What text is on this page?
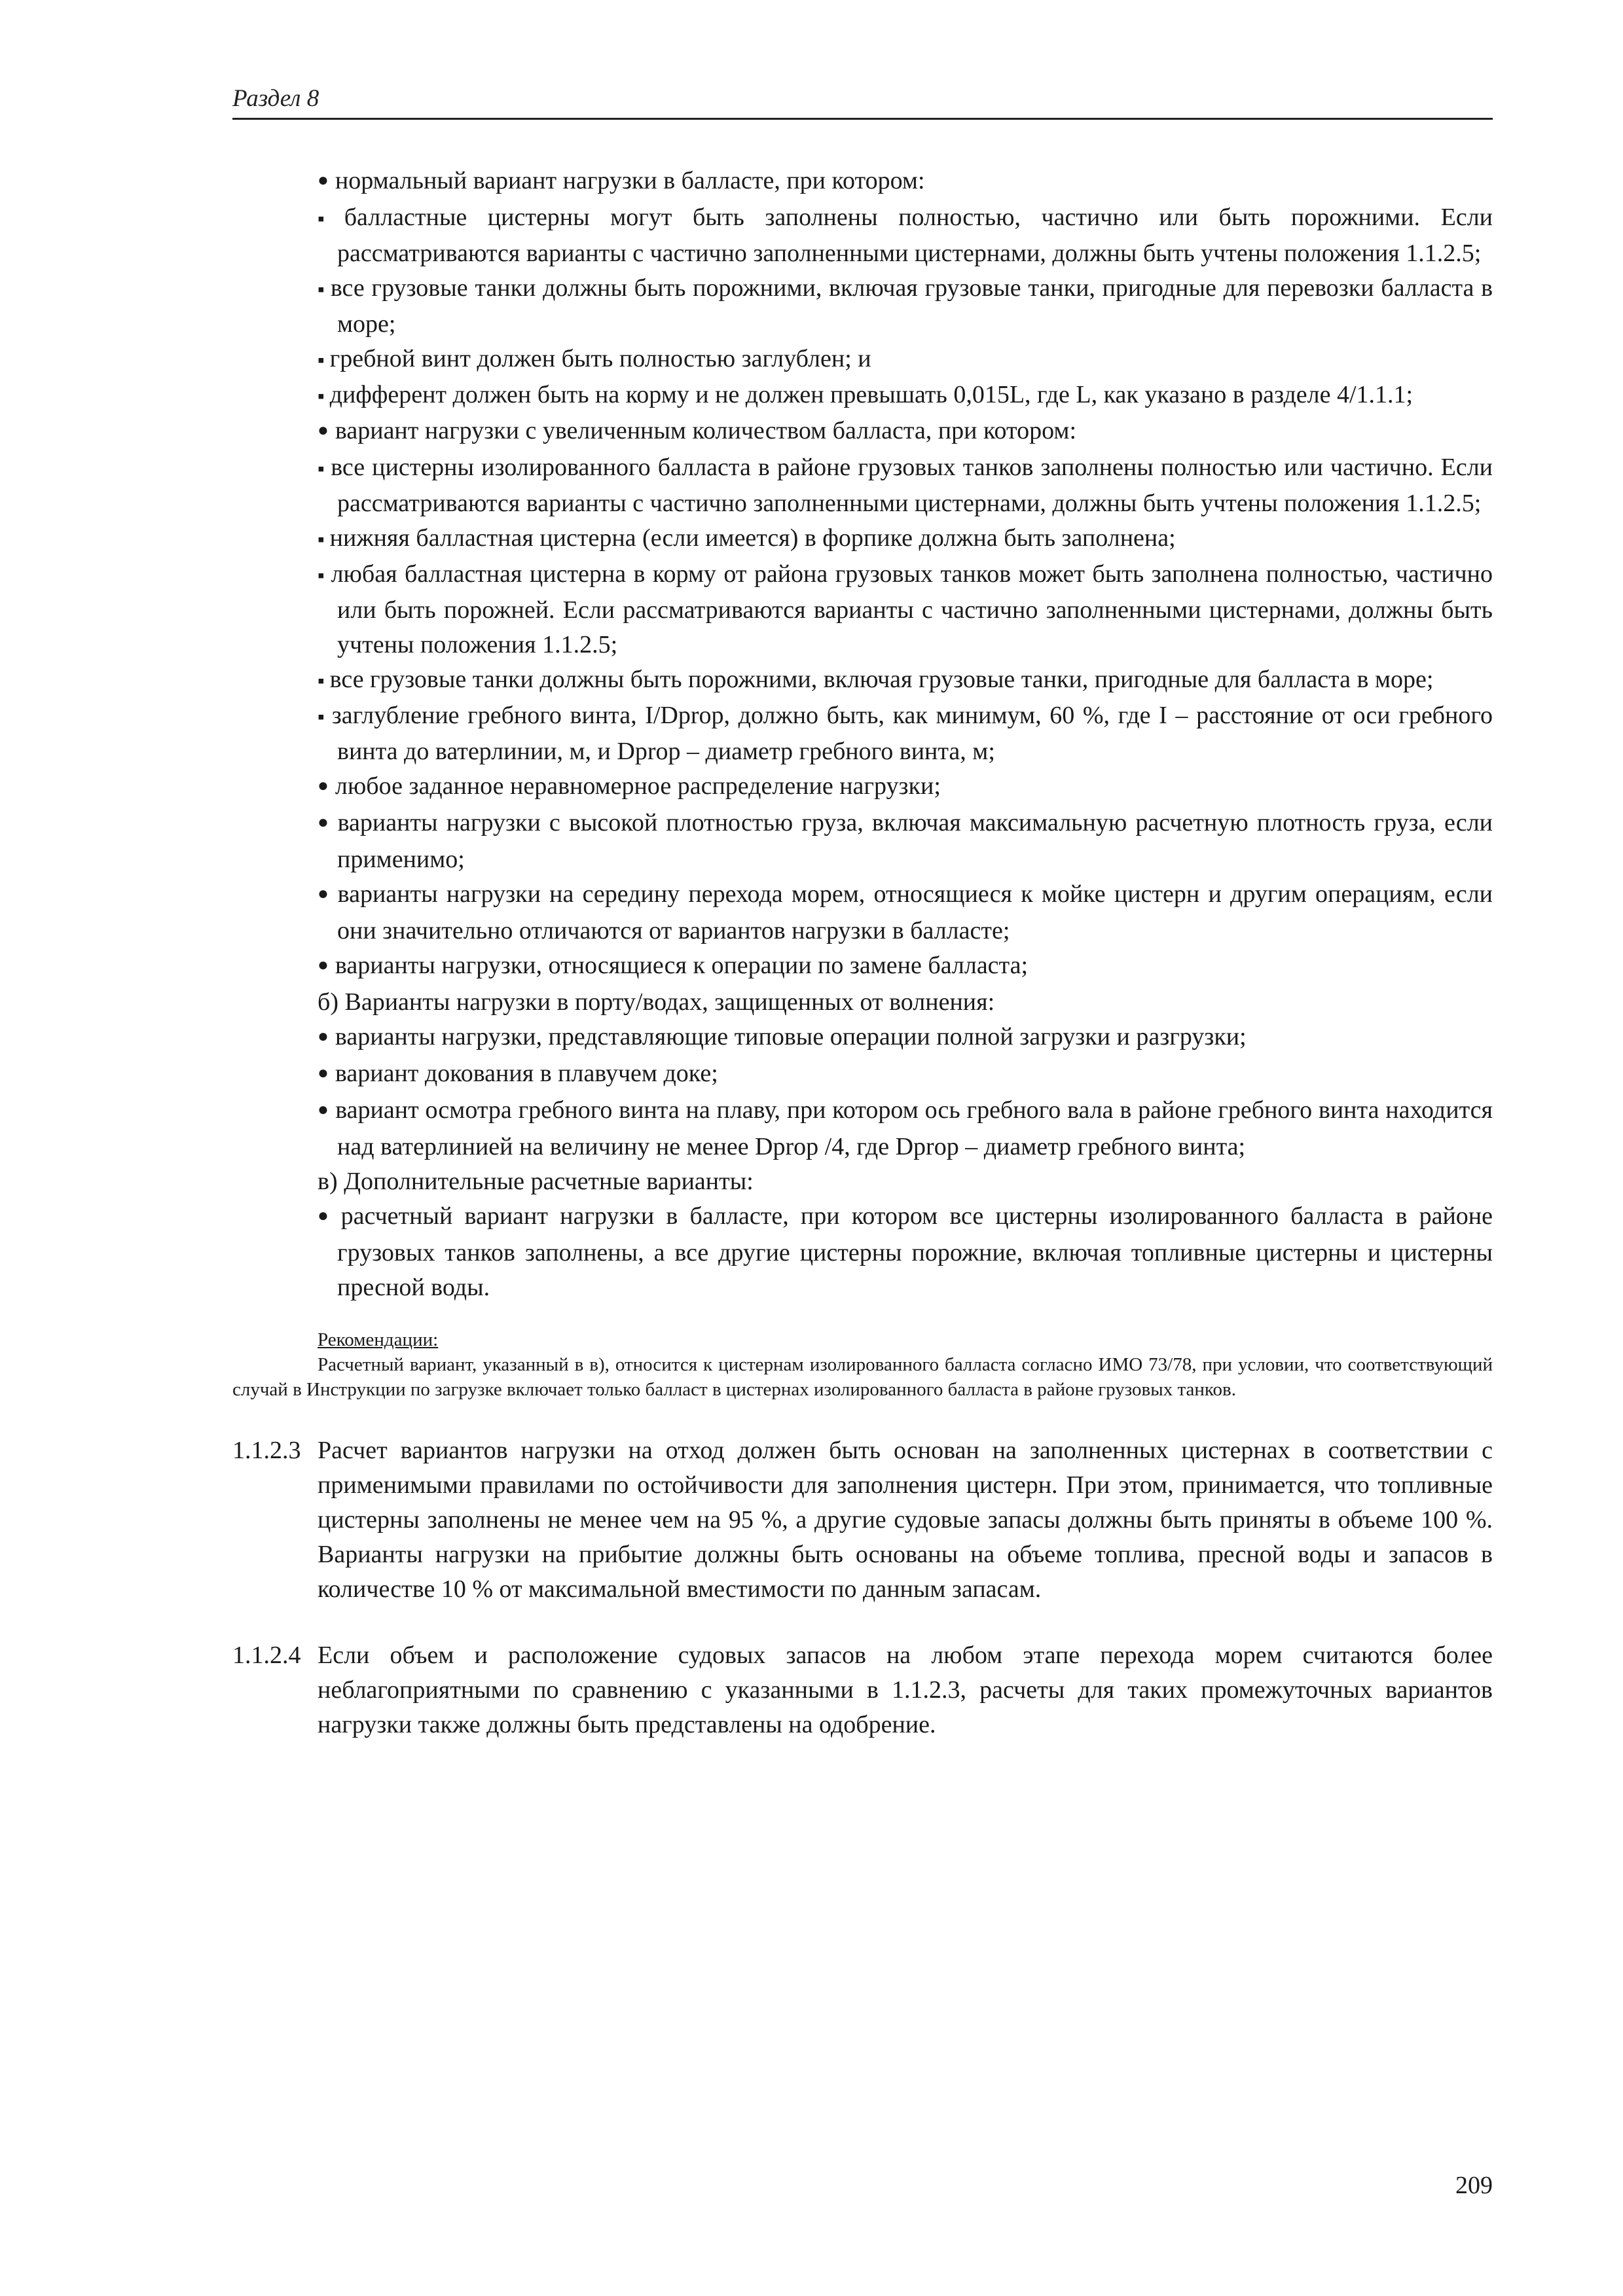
Раздел 8
● нормальный вариант нагрузки в балласте, при котором:
▪ балластные цистерны могут быть заполнены полностью, частично или быть порожними. Если рассматриваются варианты с частично заполненными цистернами, должны быть учтены положения 1.1.2.5;
▪ все грузовые танки должны быть порожними, включая грузовые танки, пригодные для перевозки балласта в море;
▪ гребной винт должен быть полностью заглублен; и
▪ дифферент должен быть на корму и не должен превышать 0,015L, где L, как указано в разделе 4/1.1.1;
● вариант нагрузки с увеличенным количеством балласта, при котором:
▪ все цистерны изолированного балласта в районе грузовых танков заполнены полностью или частично. Если рассматриваются варианты с частично заполненными цистернами, должны быть учтены положения 1.1.2.5;
▪ нижняя балластная цистерна (если имеется) в форпике должна быть заполнена;
▪ любая балластная цистерна в корму от района грузовых танков может быть заполнена полностью, частично или быть порожней. Если рассматриваются варианты с частично заполненными цистернами, должны быть учтены положения 1.1.2.5;
▪ все грузовые танки должны быть порожними, включая грузовые танки, пригодные для балласта в море;
▪ заглубление гребного винта, I/Dprop, должно быть, как минимум, 60 %, где I – расстояние от оси гребного винта до ватерлинии, м, и Dprop – диаметр гребного винта, м;
● любое заданное неравномерное распределение нагрузки;
● варианты нагрузки с высокой плотностью груза, включая максимальную расчетную плотность груза, если применимо;
● варианты нагрузки на середину перехода морем, относящиеся к мойке цистерн и другим операциям, если они значительно отличаются от вариантов нагрузки в балласте;
● варианты нагрузки, относящиеся к операции по замене балласта;
б) Варианты нагрузки в порту/водах, защищенных от волнения:
● варианты нагрузки, представляющие типовые операции полной загрузки и разгрузки;
● вариант докования в плавучем доке;
● вариант осмотра гребного винта на плаву, при котором ось гребного вала в районе гребного винта находится над ватерлинией на величину не менее Dprop /4, где Dprop – диаметр гребного винта;
в) Дополнительные расчетные варианты:
● расчетный вариант нагрузки в балласте, при котором все цистерны изолированного балласта в районе грузовых танков заполнены, а все другие цистерны порожние, включая топливные цистерны и цистерны пресной воды.
Рекомендации:
Расчетный вариант, указанный в в), относится к цистернам изолированного балласта согласно ИМО 73/78, при условии, что соответствующий случай в Инструкции по загрузке включает только балласт в цистернах изолированного балласта в районе грузовых танков.
1.1.2.3 Расчет вариантов нагрузки на отход должен быть основан на заполненных цистернах в соответствии с применимыми правилами по остойчивости для заполнения цистерн. При этом, принимается, что топливные цистерны заполнены не менее чем на 95 %, а другие судовые запасы должны быть приняты в объеме 100 %. Варианты нагрузки на прибытие должны быть основаны на объеме топлива, пресной воды и запасов в количестве 10 % от максимальной вместимости по данным запасам.
1.1.2.4 Если объем и расположение судовых запасов на любом этапе перехода морем считаются более неблагоприятными по сравнению с указанными в 1.1.2.3, расчеты для таких промежуточных вариантов нагрузки также должны быть представлены на одобрение.
209
